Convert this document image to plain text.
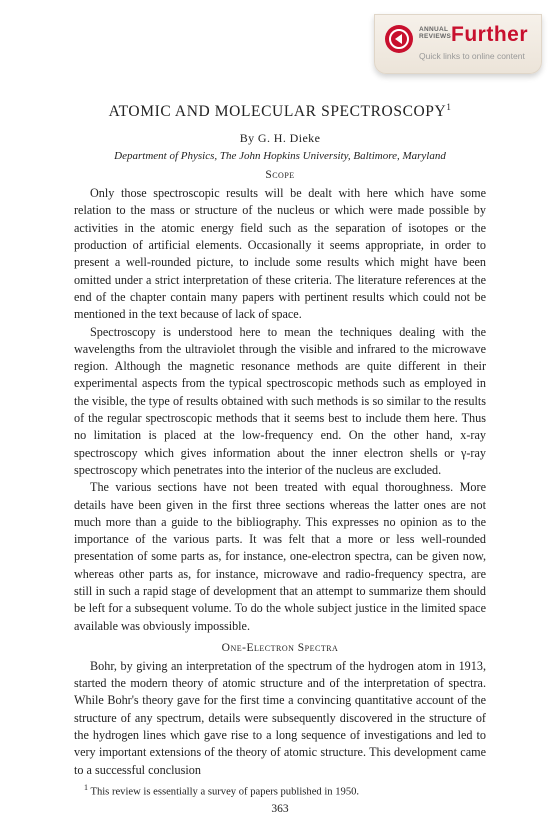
ANNUAL
REVIEWS Further
Quick links to online content
ATOMIC AND MOLECULAR SPECTROSCOPY$^1$
By G. H. Dieke
Department of Physics, The John Hopkins University, Baltimore, Maryland
Scope

Only those spectroscopic results will be dealt with here which have some relation to the mass or structure of the nucleus or which were made possible by activities in the atomic energy field such as the separation of isotopes or the production of artificial elements. Occasionally it seems appropriate, in order to present a well-rounded picture, to include some results which might have been omitted under a strict interpretation of these criteria. The literature references at the end of the chapter contain many papers with pertinent results which could not be mentioned in the text because of lack of space.

Spectroscopy is understood here to mean the techniques dealing with the wavelengths from the ultraviolet through the visible and infrared to the microwave region. Although the magnetic resonance methods are quite different in their experimental aspects from the typical spectroscopic methods such as employed in the visible, the type of results obtained with such methods is so similar to the results of the regular spectroscopic methods that it seems best to include them here. Thus no limitation is placed at the low-frequency end. On the other hand, x-ray spectroscopy which gives information about the inner electron shells or γ-ray spectroscopy which penetrates into the interior of the nucleus are excluded.

The various sections have not been treated with equal thoroughness. More details have been given in the first three sections whereas the latter ones are not much more than a guide to the bibliography. This expresses no opinion as to the importance of the various parts. It was felt that a more or less well-rounded presentation of some parts as, for instance, one-electron spectra, can be given now, whereas other parts as, for instance, microwave and radio-frequency spectra, are still in such a rapid stage of development that an attempt to summarize them should be left for a subsequent volume. To do the whole subject justice in the limited space available was obviously impossible.

One-Electron Spectra

Bohr, by giving an interpretation of the spectrum of the hydrogen atom in 1913, started the modern theory of atomic structure and of the interpretation of spectra. While Bohr's theory gave for the first time a convincing quantitative account of the structure of any spectrum, details were subsequently discovered in the structure of the hydrogen lines which gave rise to a long sequence of investigations and led to very important extensions of the theory of atomic structure. This development came to a successful conclusion

$^1$ This review is essentially a survey of papers published in 1950.
363
